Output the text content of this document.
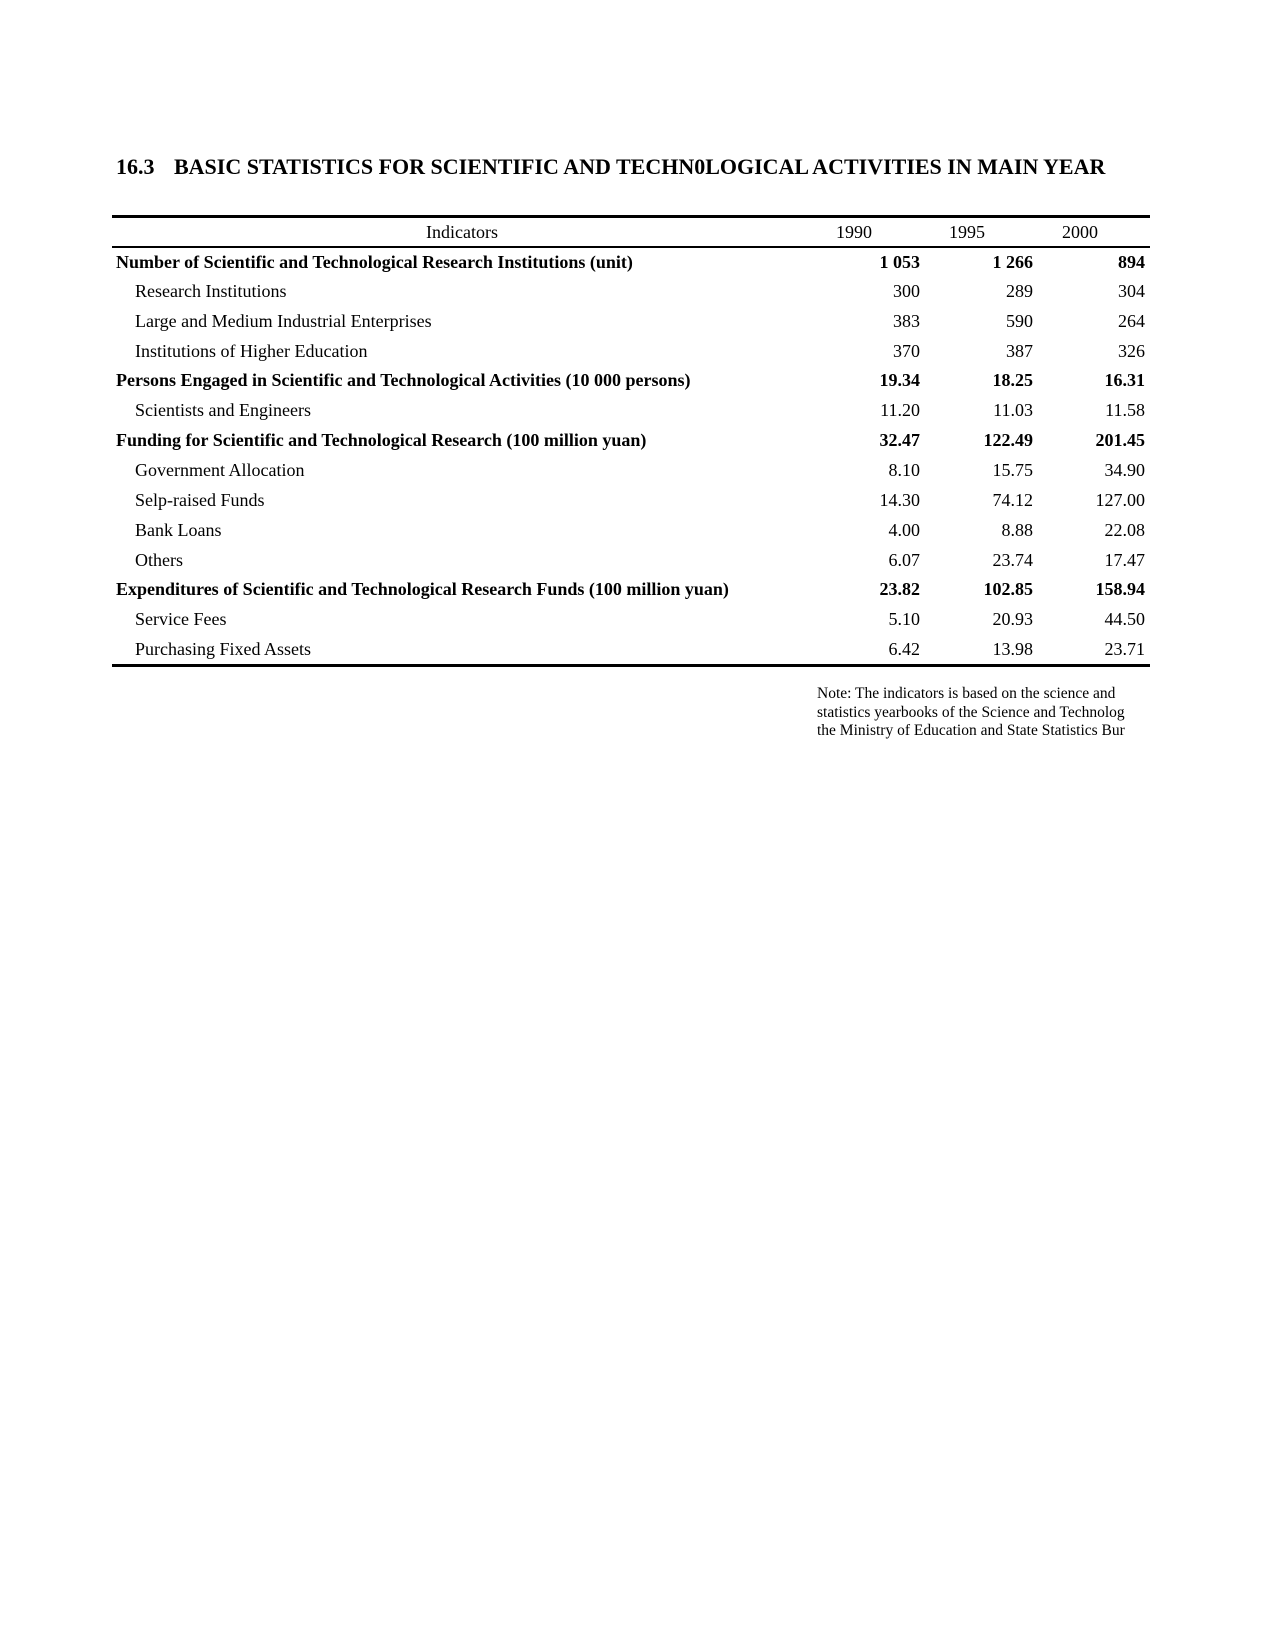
16.3 BASIC STATISTICS FOR SCIENTIFIC AND TECHN0LOGICAL ACTIVITIES IN MAIN YEAR
Indicators	1990	1995	2000
Number of Scientific and Technological Research Institutions (unit)	1 053	1 266	894
Research Institutions	300	289	304
Large and Medium Industrial Enterprises	383	590	264
Institutions of Higher Education	370	387	326
Persons Engaged in Scientific and Technological Activities (10 000 persons)	19.34	18.25	16.31
Scientists and Engineers	11.20	11.03	11.58
Funding for Scientific and Technological Research (100 million yuan)	32.47	122.49	201.45
Government Allocation	8.10	15.75	34.90
Selp-raised Funds	14.30	74.12	127.00
Bank Loans	4.00	8.88	22.08
Others	6.07	23.74	17.47
Expenditures of Scientific and Technological Research Funds (100 million yuan)	23.82	102.85	158.94
Service Fees	5.10	20.93	44.50
Purchasing Fixed Assets	6.42	13.98	23.71
Note: The indicators is based on the science and
statistics yearbooks of the Science and Technolog
the Ministry of Education and State Statistics Bur
